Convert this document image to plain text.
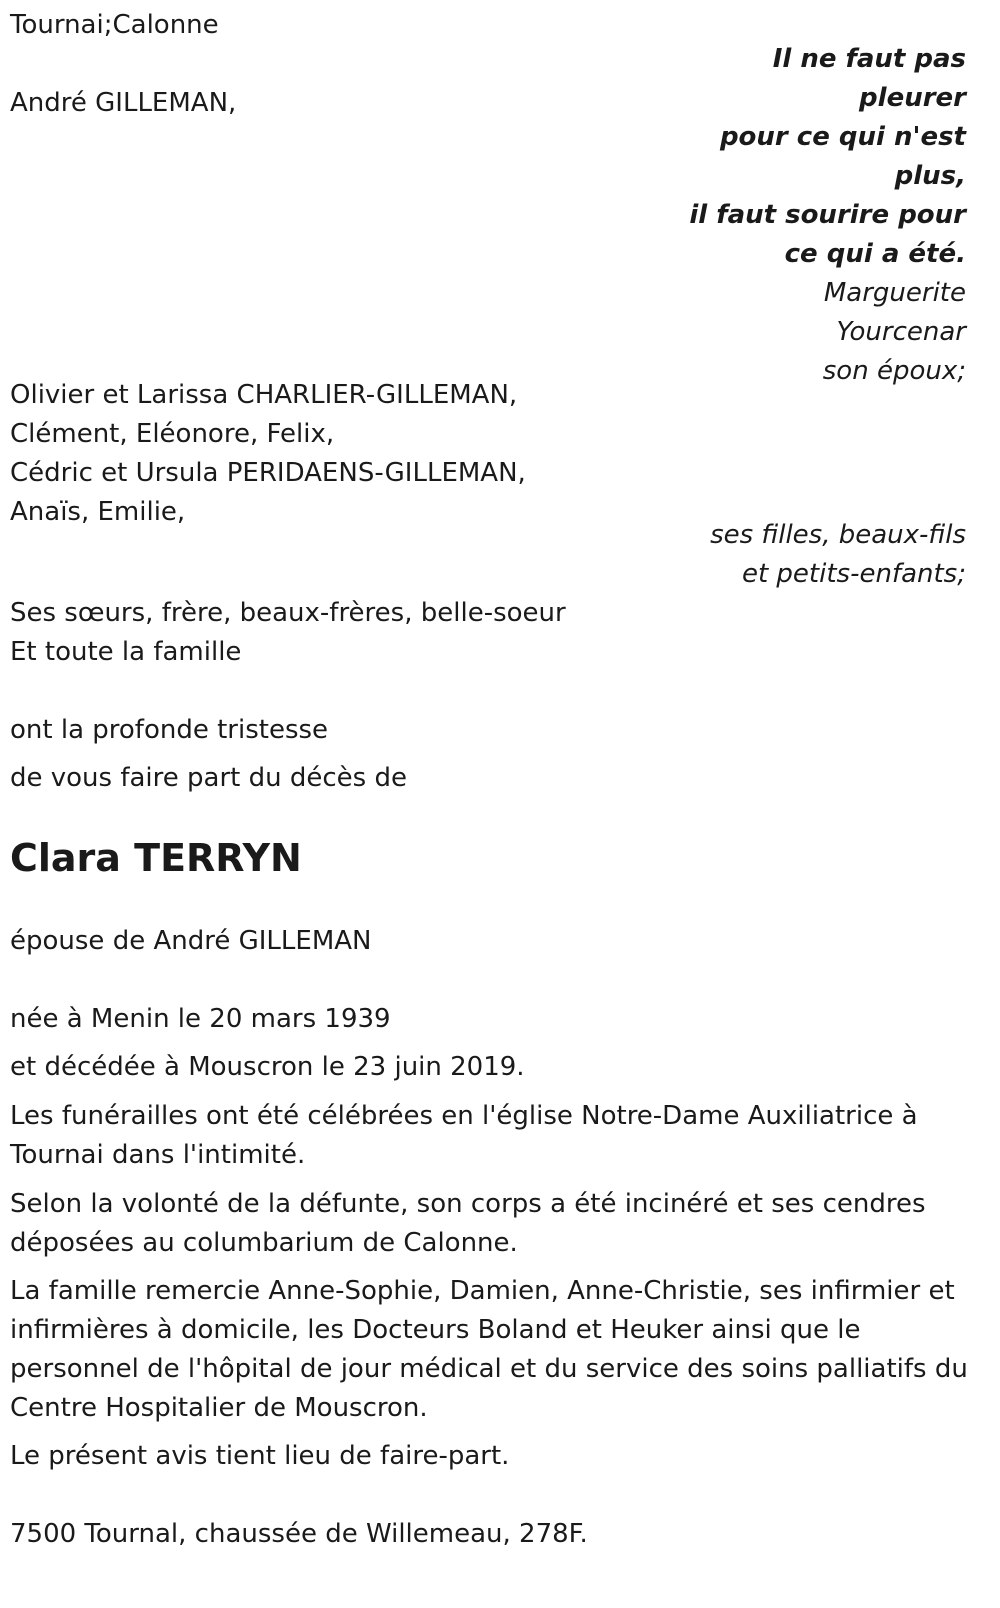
Tournai;Calonne
Il ne faut pas
pleurer
pour ce qui n'est
plus,
il faut sourire pour
ce qui a été.
Marguerite
Yourcenar
son époux;
André GILLEMAN,
Olivier et Larissa CHARLIER-GILLEMAN,
Clément, Eléonore, Felix,
Cédric et Ursula PERIDAENS-GILLEMAN,
Anaïs, Emilie,
ses filles, beaux-fils
et petits-enfants;
Ses sœurs, frère, beaux-frères, belle-soeur
Et toute la famille
ont la profonde tristesse
de vous faire part du décès de
Clara TERRYN
épouse de André GILLEMAN
née à Menin le 20 mars 1939
et décédée à Mouscron le 23 juin 2019.
Les funérailles ont été célébrées en l'église Notre-Dame Auxiliatrice à Tournai dans l'intimité.
Selon la volonté de la défunte, son corps a été incinéré et ses cendres déposées au columbarium de Calonne.
La famille remercie Anne-Sophie, Damien, Anne-Christie, ses infirmier et infirmières à domicile, les Docteurs Boland et Heuker ainsi que le personnel de l'hôpital de jour médical et du service des soins palliatifs du Centre Hospitalier de Mouscron.
Le présent avis tient lieu de faire-part.
7500 Tournal, chaussée de Willemeau, 278F.
